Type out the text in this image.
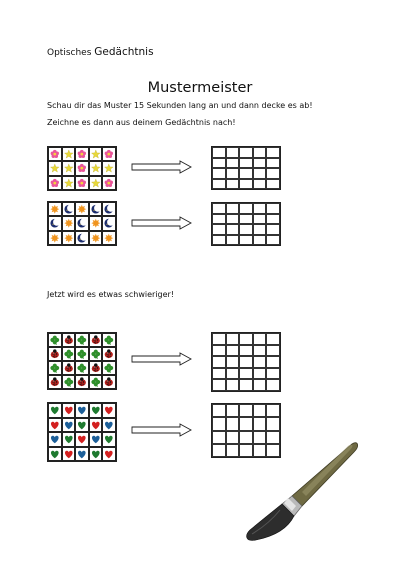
Optisches Gedächtnis
Mustermeister
Schau dir das Muster 15 Sekunden lang an und dann decke es ab!
Zeichne es dann aus deinem Gedächtnis nach!
Jetzt wird es etwas schwieriger!
